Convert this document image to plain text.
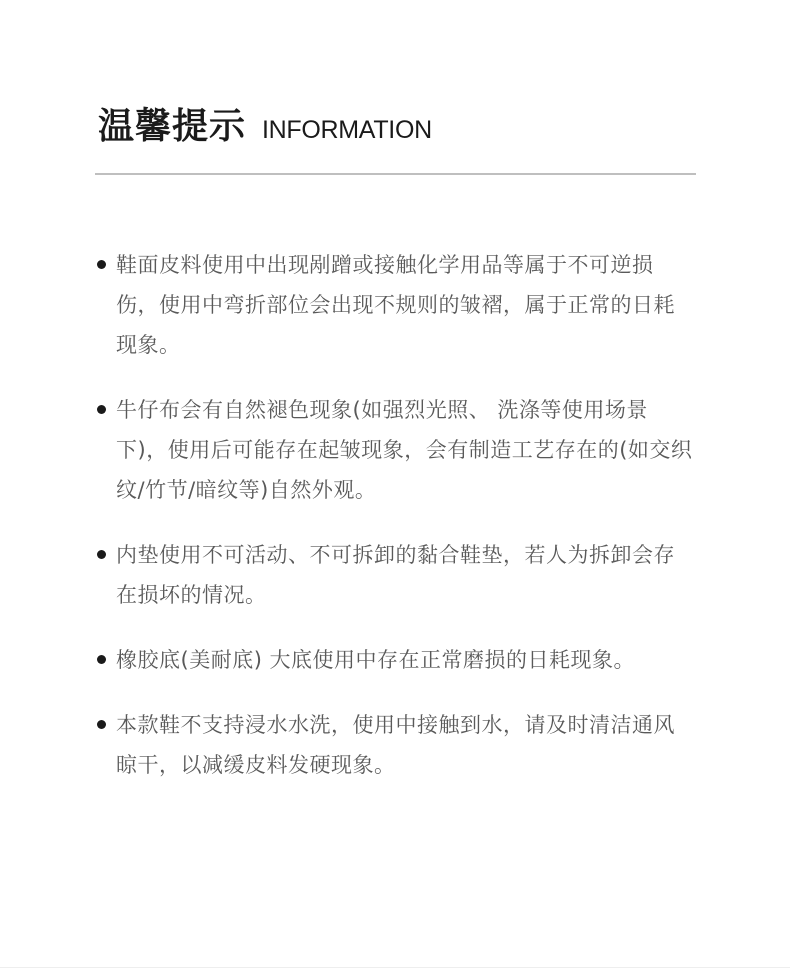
温馨提示 INFORMATION
鞋面皮料使用中出现剐蹭或接触化学用品等属于不可逆损伤，使用中弯折部位会出现不规则的皱褶，属于正常的日耗现象。
牛仔布会有自然褪色现象(如强烈光照、 洗涤等使用场景下)，使用后可能存在起皱现象，会有制造工艺存在的(如交织纹/竹节/暗纹等)自然外观。
内垫使用不可活动、不可拆卸的黏合鞋垫，若人为拆卸会存在损坏的情况。
橡胶底(美耐底) 大底使用中存在正常磨损的日耗现象。
本款鞋不支持浸水水洗，使用中接触到水，请及时清洁通风晾干，以减缓皮料发硬现象。
